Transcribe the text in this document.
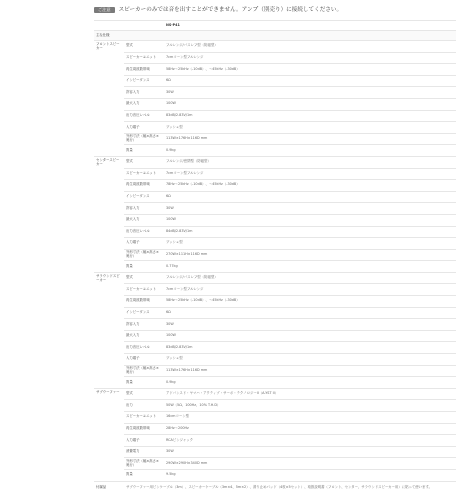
ご注意	スピーカーのみでは音を出すことができません。アンプ（別売り）に接続してください。
		NS-P41
主な仕様		
フロントスピーカー	型式	フルレンジ/バスレフ型（防磁型）
	スピーカーユニット	7cmコーン型フルレンジ
	再生周波数帯域	58Hz～25kHz（-10dB）、～45kHz（-30dB）
	インピーダンス	6Ω
	許容入力	30W
	最大入力	100W
	出力音圧レベル	83dB/2.83V/1m
	入力端子	プッシュ型
	外形寸法（幅×高さ×奥行）	113W×176H×116D mm
	質量	0.9kg
センタースピーカー	型式	フルレンジ/密閉型（防磁型）
	スピーカーユニット	7cmコーン型フルレンジ
	再生周波数帯域	78Hz～25kHz（-10dB）、～45kHz（-30dB）
	インピーダンス	6Ω
	許容入力	30W
	最大入力	100W
	出力音圧レベル	84dB/2.83V/1m
	入力端子	プッシュ型
	外形寸法（幅×高さ×奥行）	270W×111H×116D mm
	質量	0.77kg
サラウンドスピーカー	型式	フルレンジ/バスレフ型（防磁型）
	スピーカーユニット	7cmコーン型フルレンジ
	再生周波数帯域	58Hz～25kHz（-10dB）、～45kHz（-30dB）
	インピーダンス	6Ω
	許容入力	30W
	最大入力	100W
	出力音圧レベル	83dB/2.83V/1m
	入力端子	プッシュ型
	外形寸法（幅×高さ×奥行）	113W×176H×116D mm
	質量	0.9kg
サブウーファー	型式	アドバンスド・ヤマハ・アクティブ・サーボ・テクノロジーII（A-YST II）
	出力	50W（5Ω、100Hz、10% T.H.D）
	スピーカーユニット	16cmコーン型
	再生周波数帯域	28Hz～200Hz
	入力端子	RCAピンジャック
	消費電力	30W
	外形寸法（幅×高さ×奥行）	290W×290H×340D mm
	質量	9.5kg
付属品	サブウーファー用ピンケーブル（3m）、スピーカーケーブル（3m×4、5m×2）、滑り止めパッド（4枚×5セット）、取扱説明書（フロント、センター、サラウンドスピーカー用）に貼って使います。	
